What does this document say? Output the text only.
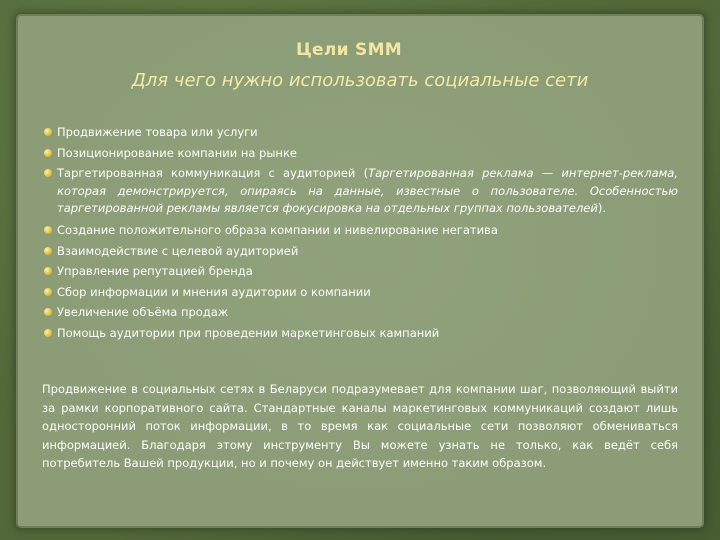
Цели SMM
Для чего нужно использовать социальные сети
Продвижение товара или услуги
Позиционирование компании на рынке
Таргетированная коммуникация с аудиторией (Таргетированная реклама — интернет-реклама, которая демонстрируется, опираясь на данные, известные о пользователе. Особенностью таргетированной рекламы является фокусировка на отдельных группах пользователей).
Создание положительного образа компании и нивелирование негатива
Взаимодействие с целевой аудиторией
Управление репутацией бренда
Сбор информации и мнения аудитории о компании
Увеличение объёма продаж
Помощь аудитории при проведении маркетинговых кампаний

Продвижение в социальных сетях в Беларуси подразумевает для компании шаг, позволяющий выйти за рамки корпоративного сайта. Стандартные каналы маркетинговых коммуникаций создают лишь односторонний поток информации, в то время как социальные сети позволяют обмениваться информацией. Благодаря этому инструменту Вы можете узнать не только, как ведёт себя потребитель Вашей продукции, но и почему он действует именно таким образом.
